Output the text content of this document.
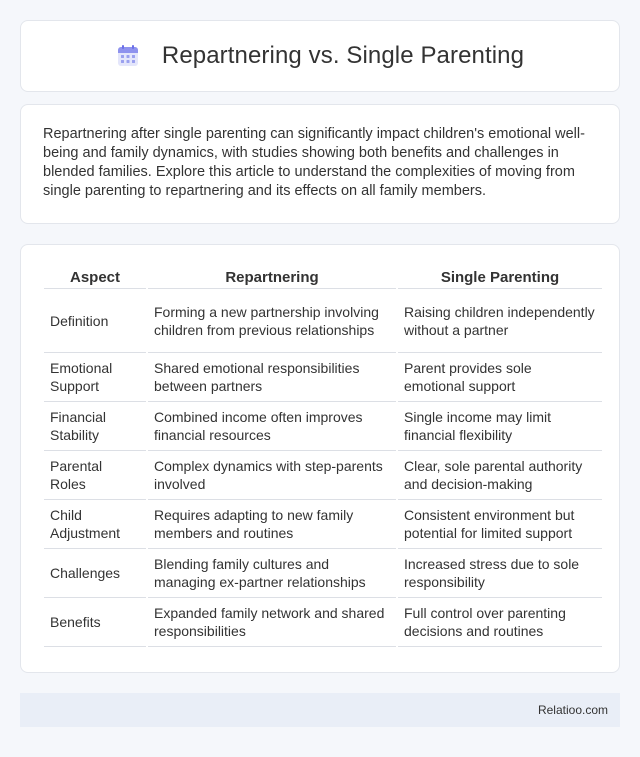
Repartnering vs. Single Parenting

Repartnering after single parenting can significantly impact children's emotional well-being and family dynamics, with studies showing both benefits and challenges in blended families. Explore this article to understand the complexities of moving from single parenting to repartnering and its effects on all family members.

Aspect	Repartnering	Single Parenting
Definition	Forming a new partnership involving children from previous relationships	Raising children independently without a partner
Emotional Support	Shared emotional responsibilities between partners	Parent provides sole emotional support
Financial Stability	Combined income often improves financial resources	Single income may limit financial flexibility
Parental Roles	Complex dynamics with step-parents involved	Clear, sole parental authority and decision-making
Child Adjustment	Requires adapting to new family members and routines	Consistent environment but potential for limited support
Challenges	Blending family cultures and managing ex-partner relationships	Increased stress due to sole responsibility
Benefits	Expanded family network and shared responsibilities	Full control over parenting decisions and routines
Relatioo.com
